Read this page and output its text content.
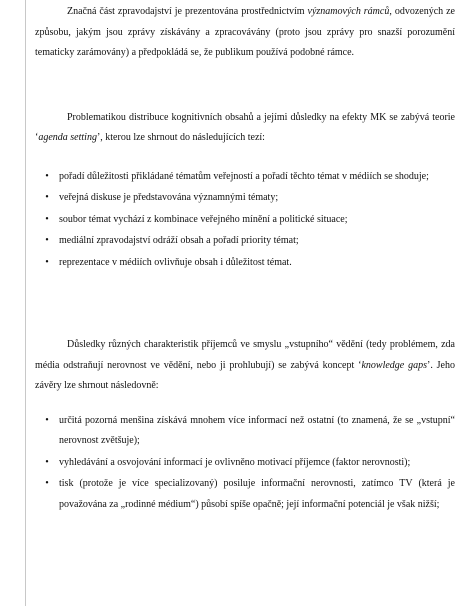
Značná část zpravodajství je prezentována prostřednictvím významových rámců, odvozených ze způsobu, jakým jsou zprávy získávány a zpracovávány (proto jsou zprávy pro snazší porozumění tematicky zarámovány) a předpokládá se, že publikum používá podobné rámce.

Problematikou distribuce kognitivních obsahů a jejími důsledky na efekty MK se zabývá teorie ‘agenda setting’, kterou lze shrnout do následujících tezí:

•	pořadí důležitosti přikládané tématům veřejností a pořadí těchto témat v médiích se shoduje;
•	veřejná diskuse je představována významnými tématy;
•	soubor témat vychází z kombinace veřejného mínění a politické situace;
•	mediální zpravodajství odráží obsah a pořadí priority témat;
•	reprezentace v médiích ovlivňuje obsah i důležitost témat.

Důsledky různých charakteristik příjemců ve smyslu „vstupního“ vědění (tedy problémem, zda média odstraňují nerovnost ve vědění, nebo ji prohlubují) se zabývá koncept ‘knowledge gaps’. Jeho závěry lze shrnout následovně:

•	určitá pozorná menšina získává mnohem více informací než ostatní (to znamená, že se „vstupní“ nerovnost zvětšuje);
•	vyhledávání a osvojování informací je ovlivněno motivací příjemce (faktor nerovnosti);
•	tisk (protože je více specializovaný) posiluje informační nerovnosti, zatímco TV (která je považována za „rodinné médium“) působí spíše opačně; její informační potenciál je však nižší;
